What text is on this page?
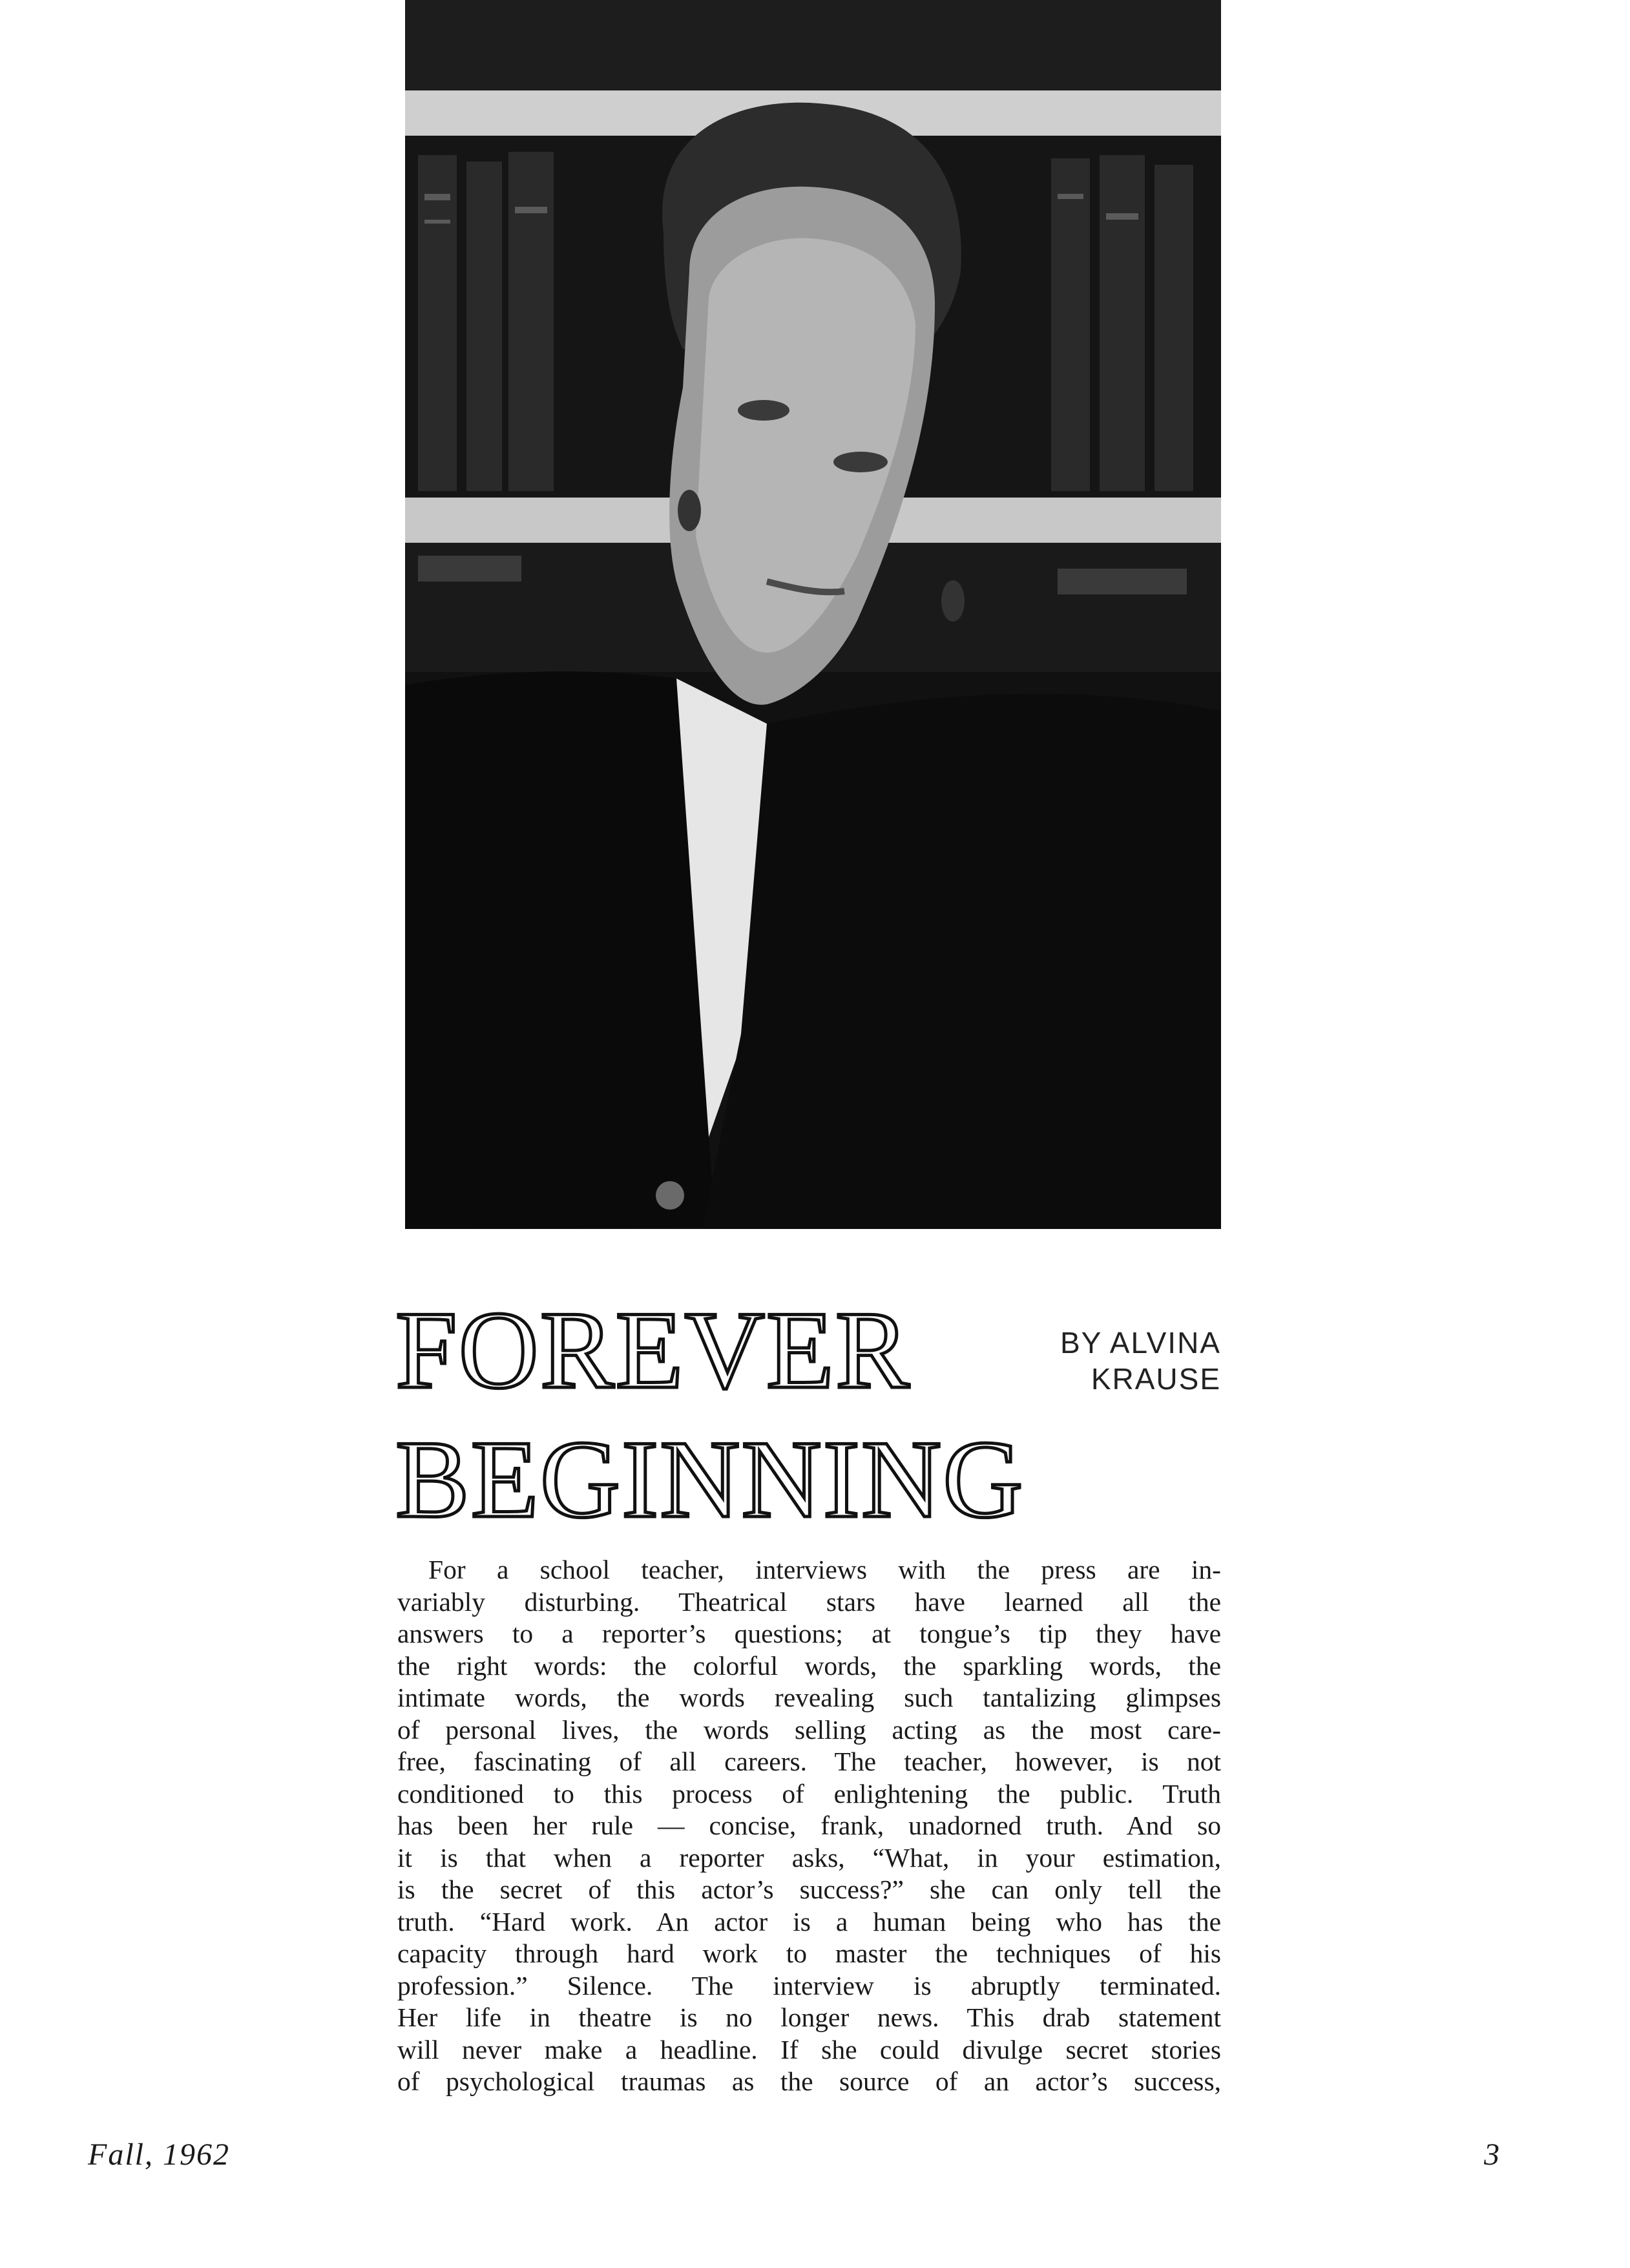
FOREVER
BEGINNING
BY ALVINA
KRAUSE
For a school teacher, interviews with the press are in-
variably disturbing. Theatrical stars have learned all the
answers to a reporter’s questions; at tongue’s tip they have
the right words: the colorful words, the sparkling words, the
intimate words, the words revealing such tantalizing glimpses
of personal lives, the words selling acting as the most care-
free, fascinating of all careers. The teacher, however, is not
conditioned to this process of enlightening the public. Truth
has been her rule — concise, frank, unadorned truth. And so
it is that when a reporter asks, “What, in your estimation,
is the secret of this actor’s success?” she can only tell the
truth. “Hard work. An actor is a human being who has the
capacity through hard work to master the techniques of his
profession.” Silence. The interview is abruptly terminated.
Her life in theatre is no longer news. This drab statement
will never make a headline. If she could divulge secret stories
of psychological traumas as the source of an actor’s success,
Fall, 1962	3
